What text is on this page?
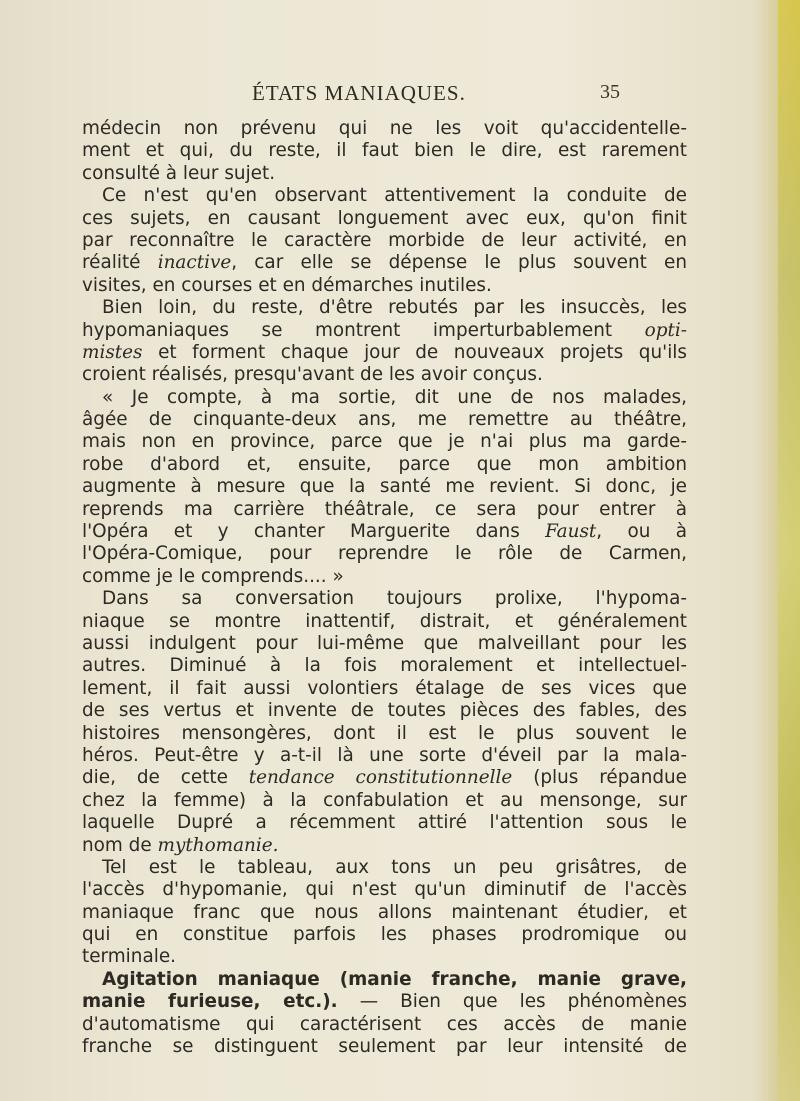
ÉTATS MANIAQUES.	35
médecin non prévenu qui ne les voit qu'accidentelle-
ment et qui, du reste, il faut bien le dire, est rarement
consulté à leur sujet.
Ce n'est qu'en observant attentivement la conduite de
ces sujets, en causant longuement avec eux, qu'on finit
par reconnaître le caractère morbide de leur activité, en
réalité inactive, car elle se dépense le plus souvent en
visites, en courses et en démarches inutiles.
Bien loin, du reste, d'être rebutés par les insuccès, les
hypomaniaques se montrent imperturbablement opti-
mistes et forment chaque jour de nouveaux projets qu'ils
croient réalisés, presqu'avant de les avoir conçus.
« Je compte, à ma sortie, dit une de nos malades,
âgée de cinquante-deux ans, me remettre au théâtre,
mais non en province, parce que je n'ai plus ma garde-
robe d'abord et, ensuite, parce que mon ambition
augmente à mesure que la santé me revient. Si donc, je
reprends ma carrière théâtrale, ce sera pour entrer à
l'Opéra et y chanter Marguerite dans Faust, ou à
l'Opéra-Comique, pour reprendre le rôle de Carmen,
comme je le comprends.... »
Dans sa conversation toujours prolixe, l'hypoma-
niaque se montre inattentif, distrait, et généralement
aussi indulgent pour lui-même que malveillant pour les
autres. Diminué à la fois moralement et intellectuel-
lement, il fait aussi volontiers étalage de ses vices que
de ses vertus et invente de toutes pièces des fables, des
histoires mensongères, dont il est le plus souvent le
héros. Peut-être y a-t-il là une sorte d'éveil par la mala-
die, de cette tendance constitutionnelle (plus répandue
chez la femme) à la confabulation et au mensonge, sur
laquelle Dupré a récemment attiré l'attention sous le
nom de mythomanie.
Tel est le tableau, aux tons un peu grisâtres, de
l'accès d'hypomanie, qui n'est qu'un diminutif de l'accès
maniaque franc que nous allons maintenant étudier, et
qui en constitue parfois les phases prodromique ou
terminale.
Agitation maniaque (manie franche, manie grave,
manie furieuse, etc.). — Bien que les phénomènes
d'automatisme qui caractérisent ces accès de manie
franche se distinguent seulement par leur intensité de
